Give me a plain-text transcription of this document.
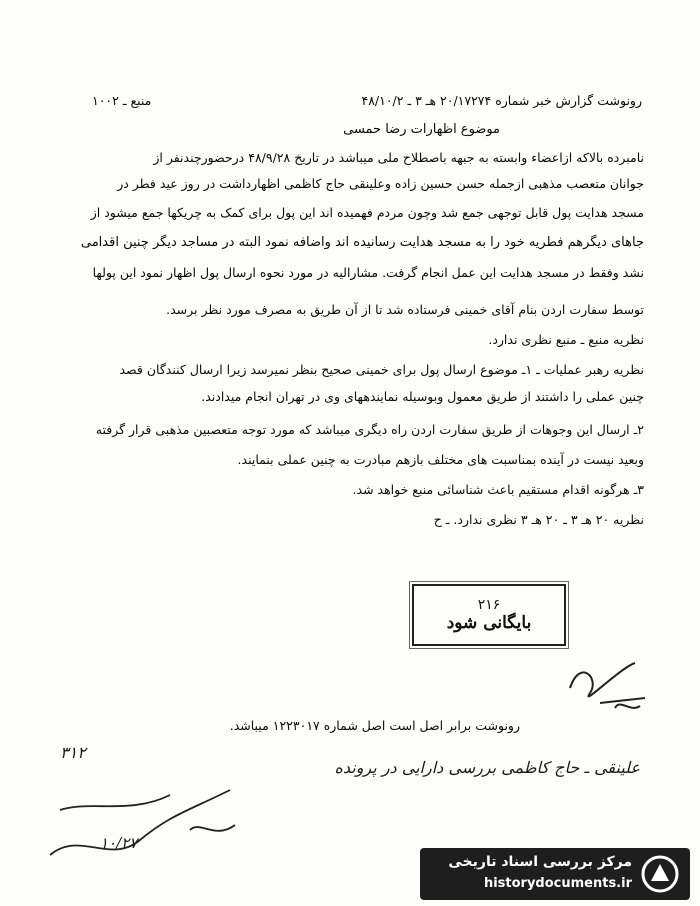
رونوشت گزارش خبر شماره ۲۰/۱۷۲۷۴ هـ ۳ ـ ۴۸/۱۰/۲
منبع ـ ۱۰۰۲
موضوع اظهارات رضا حمسی
نامبرده بالاکه ازاعضاء وابسته به جبهه باصطلاح ملی میباشد در تاریخ ۴۸/۹/۲۸ درحضورچندنفر از
جوانان متعصب مذهبی ازجمله حسن حسین زاده وعلینقی حاج کاظمی اظهارداشت در روز عید فطر در
مسجد هدایت پول قابل توجهی جمع شد وچون مردم فهمیده اند این پول برای کمک به چریکها جمع میشود از
جاهای دیگرهم فطریه خود را به مسجد هدایت رسانیده اند واضافه نمود البته در مساجد دیگر چنین اقدامی
نشد وفقط در مسجد هدایت این عمل انجام گرفت. مشارالیه در مورد نحوه ارسال پول اظهار نمود این پولها
توسط سفارت اردن بنام آقای خمینی فرستاده شد تا از آن طریق به مصرف مورد نظر برسد.
نظریه منبع ـ منبع نظری ندارد.
نظریه رهبر عملیات ـ ۱ـ موضوع ارسال پول برای خمینی صحیح بنظر نمیرسد زیرا ارسال کنندگان قصد
چنین عملی را داشتند از طریق معمول وبوسیله نمایندههای وی در تهران انجام میدادند.
۲ـ ارسال این وجوهات از طریق سفارت اردن راه دیگری میباشد که مورد توجه متعصبین مذهبی قرار گرفته
وبعید نیست در آینده بمناسبت های مختلف بازهم مبادرت به چنین عملی بنمایند.
۳ـ هرگونه اقدام مستقیم باعث شناسائی منبع خواهد شد.
نظریه ۲۰ هـ ۳ ـ ۲۰ هـ ۳ نظری ندارد. ـ ح
۲۱۶
بایگانی شود
رونوشت برابر اصل است اصل شماره ۱۲۲۳۰۱۷ میباشد.
علینقی ـ حاج کاظمی بررسی دارایی در پرونده
۳۱۲
۱۰/۲۷
مرکز بررسی اسناد تاریخی
historydocuments.ir
